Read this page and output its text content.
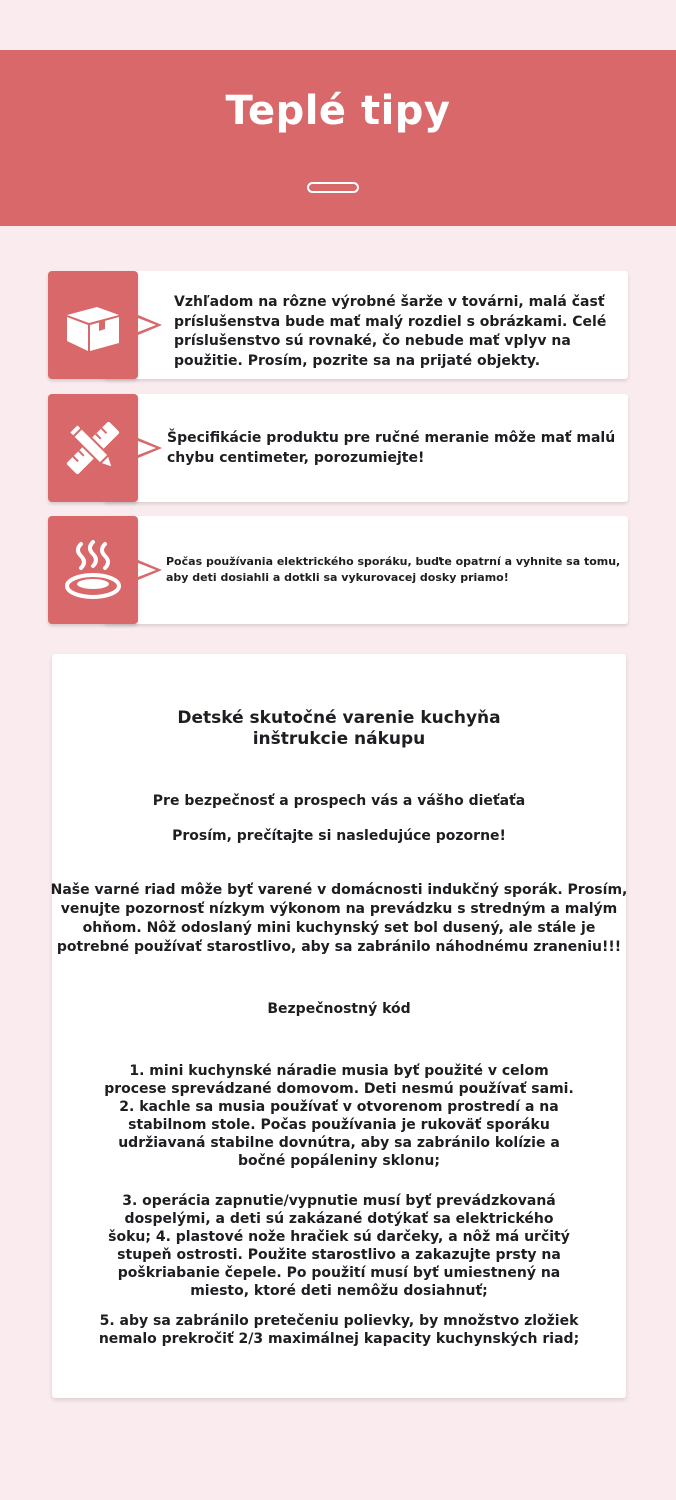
Teplé tipy

Vzhľadom na rôzne výrobné šarže v továrni, malá časť príslušenstva bude mať malý rozdiel s obrázkami. Celé príslušenstvo sú rovnaké, čo nebude mať vplyv na použitie. Prosím, pozrite sa na prijaté objekty.

Špecifikácie produktu pre ručné meranie môže mať malú chybu centimeter, porozumiejte!

Počas používania elektrického sporáku, buďte opatrní a vyhnite sa tomu, aby deti dosiahli a dotkli sa vykurovacej dosky priamo!

Detské skutočné varenie kuchyňa inštrukcie nákupu

Pre bezpečnosť a prospech vás a vášho dieťaťa

Prosím, prečítajte si nasledujúce pozorne!

Naše varné riad môže byť varené v domácnosti indukčný sporák. Prosím, venujte pozornosť nízkym výkonom na prevádzku s stredným a malým ohňom. Nôž odoslaný mini kuchynský set bol dusený, ale stále je potrebné používať starostlivo, aby sa zabránilo náhodnému zraneniu!!!

Bezpečnostný kód

1. mini kuchynské náradie musia byť použité v celom procese sprevádzané domovom. Deti nesmú používať sami. 2. kachle sa musia používať v otvorenom prostredí a na stabilnom stole. Počas používania je rukoväť sporáku udržiavaná stabilne dovnútra, aby sa zabránilo kolízie a bočné popáleniny sklonu;

3. operácia zapnutie/vypnutie musí byť prevádzkovaná dospelými, a deti sú zakázané dotýkať sa elektrického šoku; 4. plastové nože hračiek sú darčeky, a nôž má určitý stupeň ostrosti. Použite starostlivo a zakazujte prsty na poškriabanie čepele. Po použití musí byť umiestnený na miesto, ktoré deti nemôžu dosiahnuť;

5. aby sa zabránilo pretečeniu polievky, by množstvo zložiek nemalo prekročiť 2/3 maximálnej kapacity kuchynských riad;
